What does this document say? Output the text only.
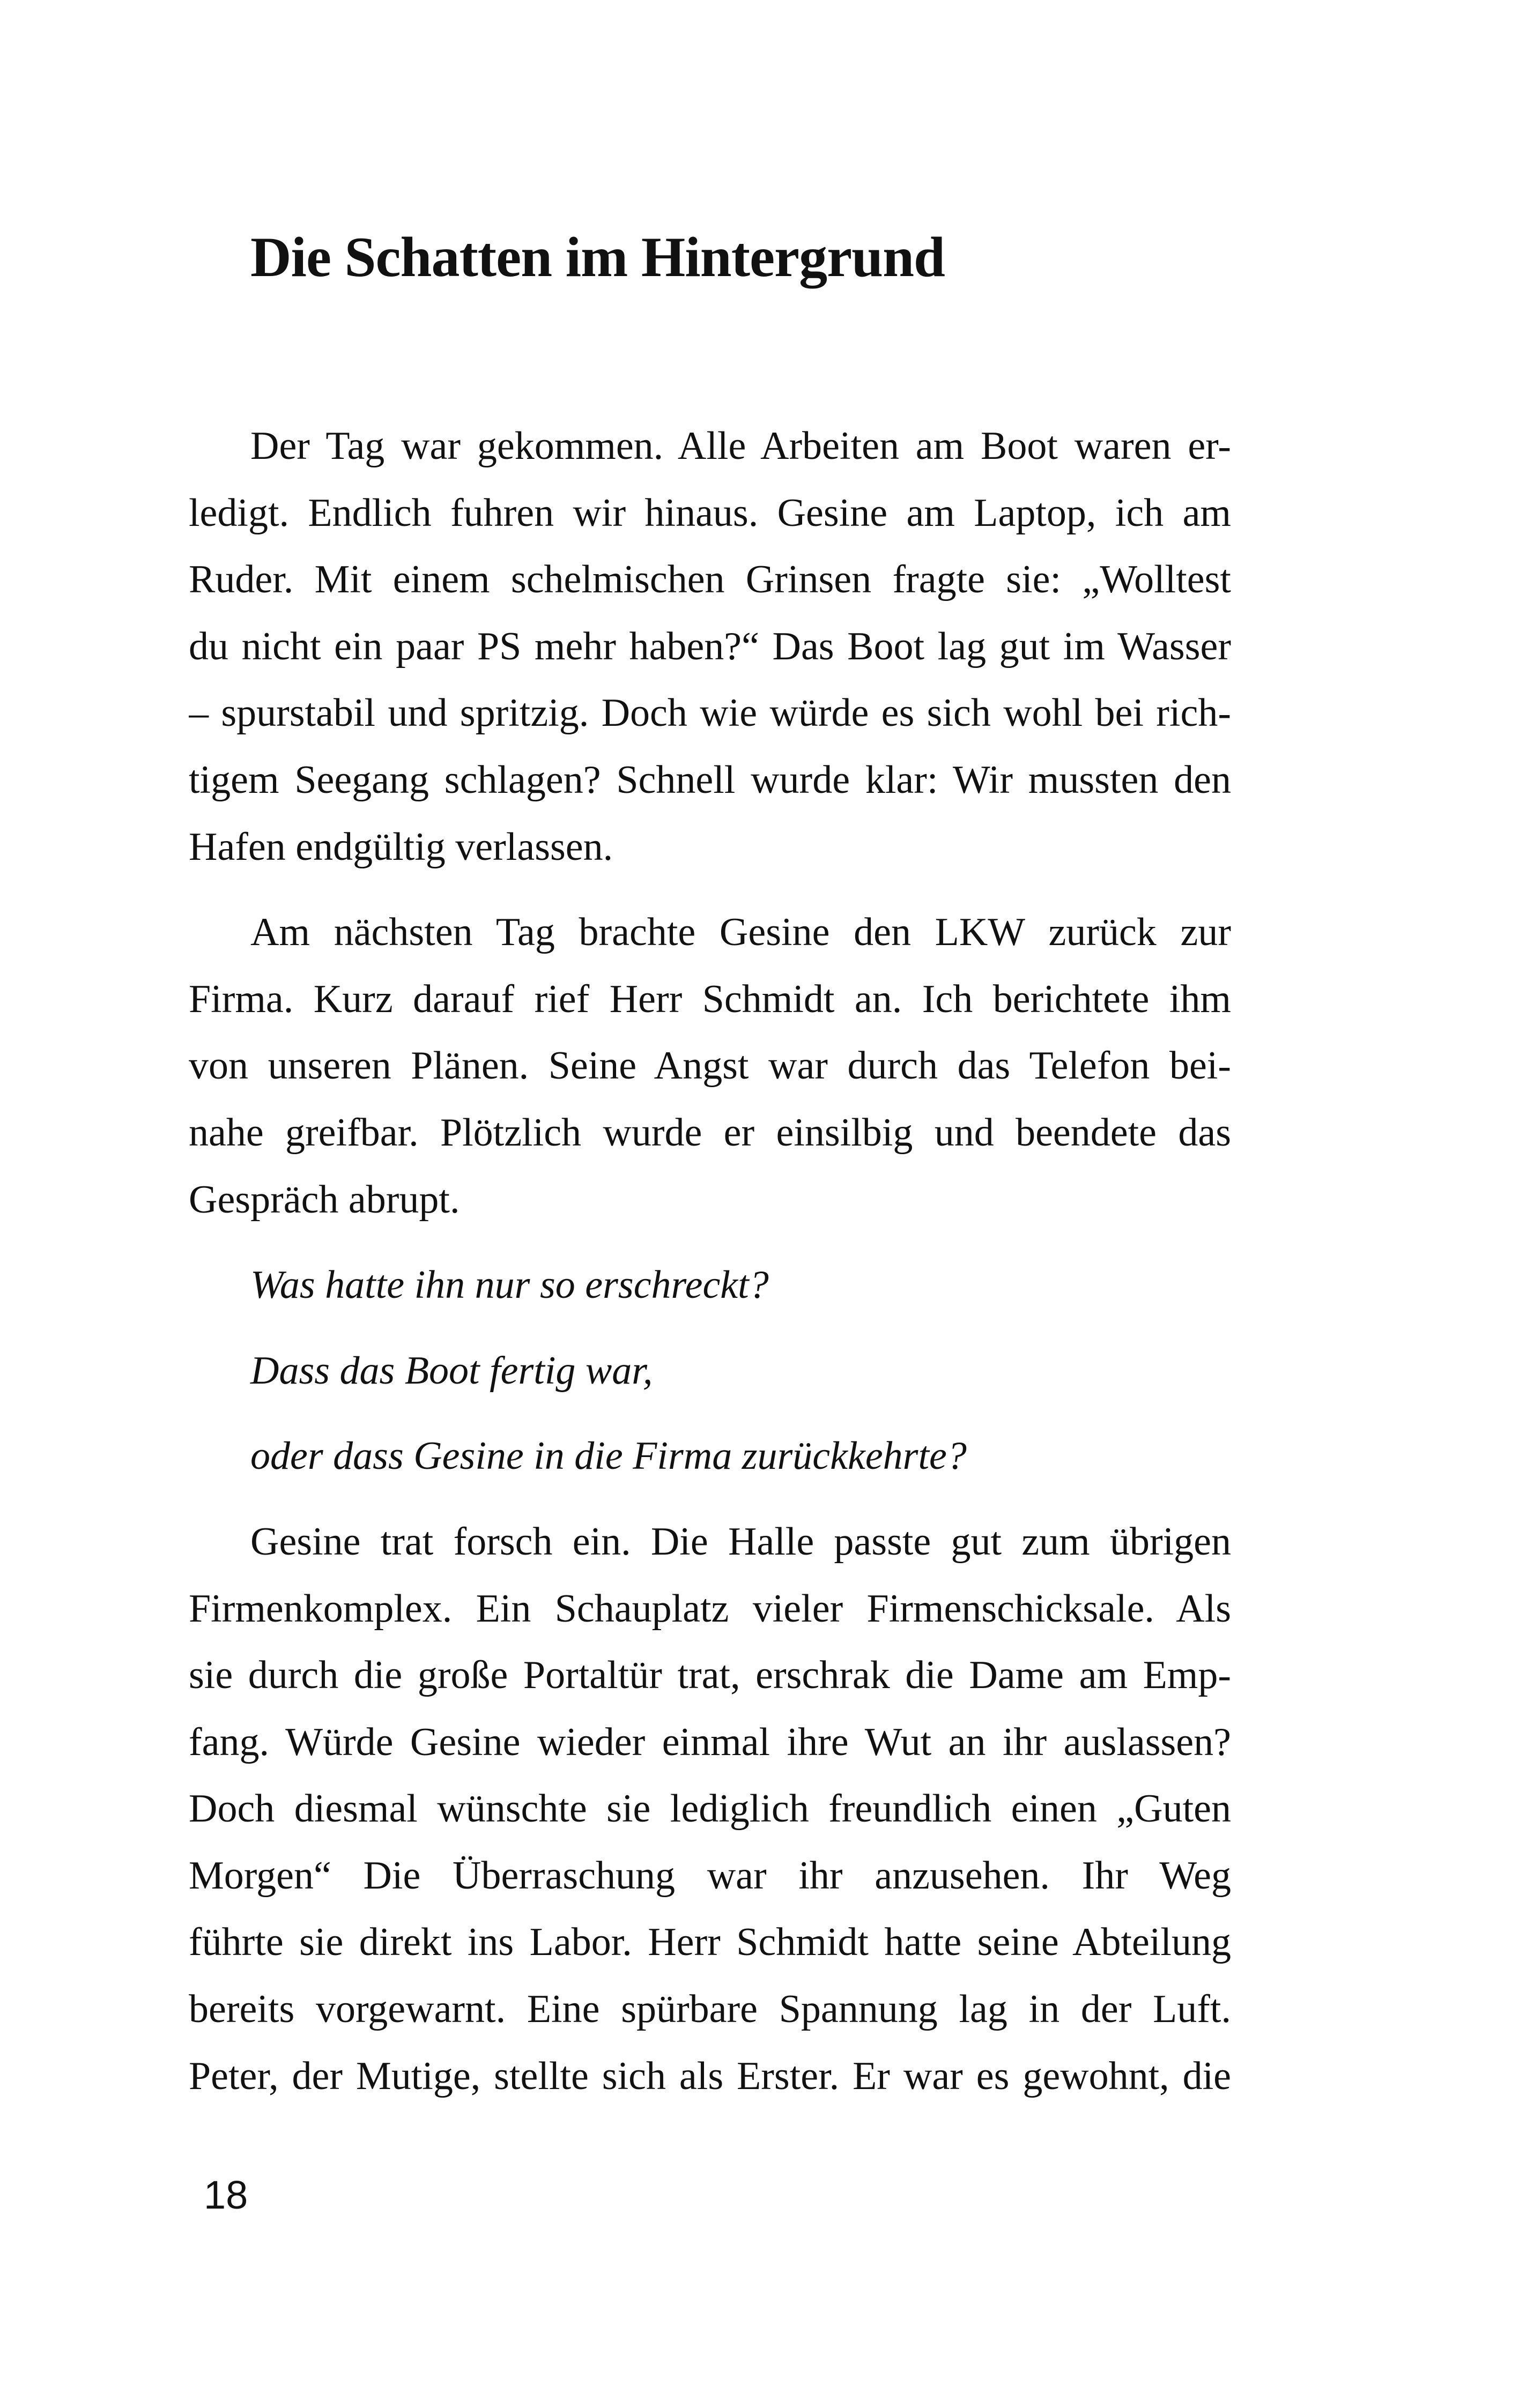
Die Schatten im Hintergrund
Der Tag war gekommen. Alle Arbeiten am Boot waren er-
ledigt. Endlich fuhren wir hinaus. Gesine am Laptop, ich am
Ruder. Mit einem schelmischen Grinsen fragte sie: „Wolltest
du nicht ein paar PS mehr haben?“ Das Boot lag gut im Wasser
– spurstabil und spritzig. Doch wie würde es sich wohl bei rich-
tigem Seegang schlagen? Schnell wurde klar: Wir mussten den
Hafen endgültig verlassen.
Am nächsten Tag brachte Gesine den LKW zurück zur
Firma. Kurz darauf rief Herr Schmidt an. Ich berichtete ihm
von unseren Plänen. Seine Angst war durch das Telefon bei-
nahe greifbar. Plötzlich wurde er einsilbig und beendete das
Gespräch abrupt.
Was hatte ihn nur so erschreckt?
Dass das Boot fertig war,
oder dass Gesine in die Firma zurückkehrte?
Gesine trat forsch ein. Die Halle passte gut zum übrigen
Firmenkomplex. Ein Schauplatz vieler Firmenschicksale. Als
sie durch die große Portaltür trat, erschrak die Dame am Emp-
fang. Würde Gesine wieder einmal ihre Wut an ihr auslassen?
Doch diesmal wünschte sie lediglich freundlich einen „Guten
Morgen“ Die Überraschung war ihr anzusehen. Ihr Weg
führte sie direkt ins Labor. Herr Schmidt hatte seine Abteilung
bereits vorgewarnt. Eine spürbare Spannung lag in der Luft.
Peter, der Mutige, stellte sich als Erster. Er war es gewohnt, die
18
